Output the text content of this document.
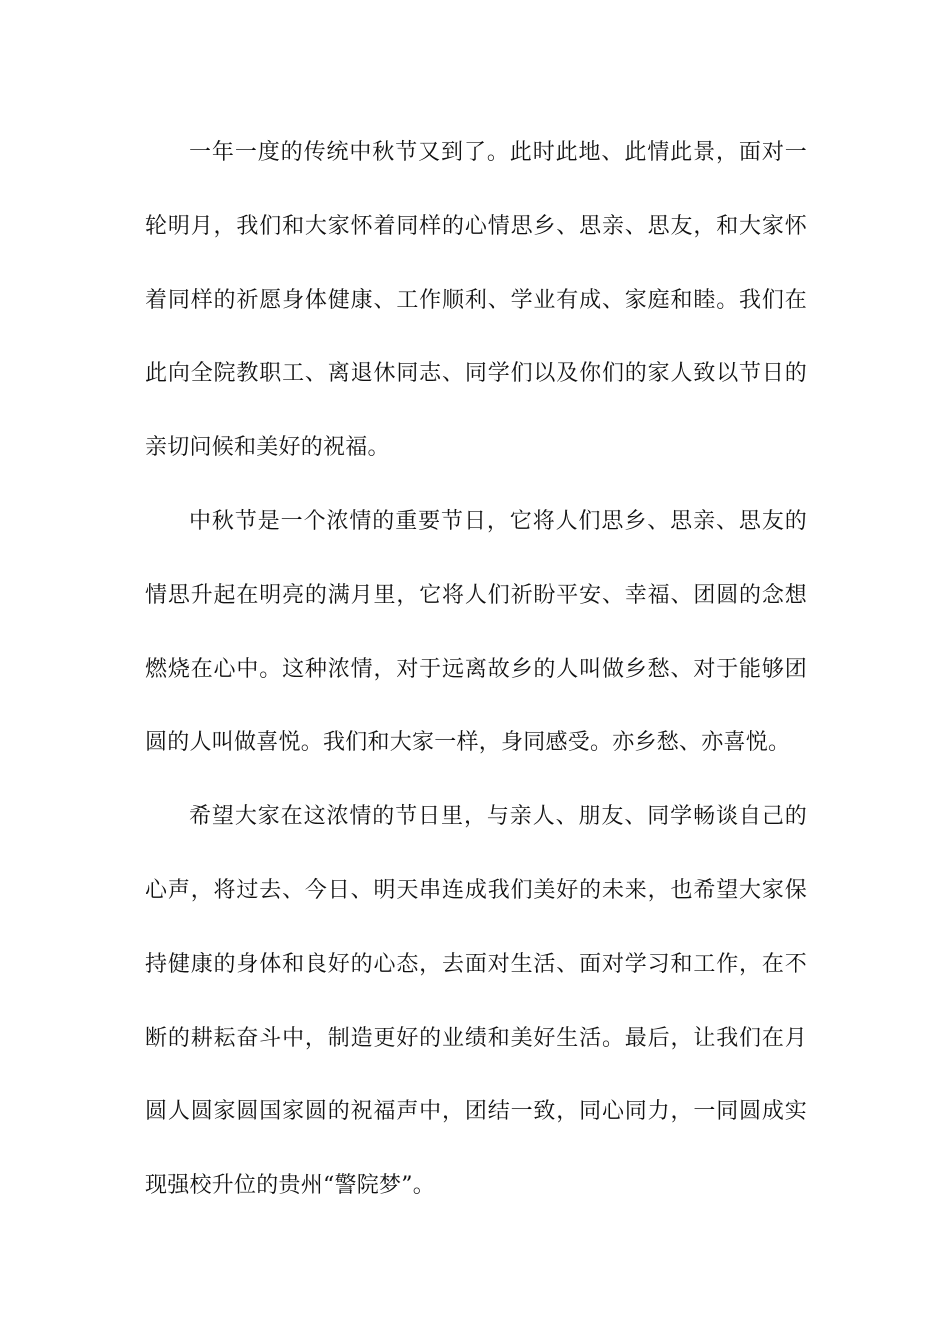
一年一度的传统中秋节又到了。此时此地、此情此景，面对一轮明月，我们和大家怀着同样的心情思乡、思亲、思友，和大家怀着同样的祈愿身体健康、工作顺利、学业有成、家庭和睦。我们在此向全院教职工、离退休同志、同学们以及你们的家人致以节日的亲切问候和美好的祝福。

中秋节是一个浓情的重要节日，它将人们思乡、思亲、思友的情思升起在明亮的满月里，它将人们祈盼平安、幸福、团圆的念想燃烧在心中。这种浓情，对于远离故乡的人叫做乡愁、对于能够团圆的人叫做喜悦。我们和大家一样，身同感受。亦乡愁、亦喜悦。

希望大家在这浓情的节日里，与亲人、朋友、同学畅谈自己的心声，将过去、今日、明天串连成我们美好的未来，也希望大家保持健康的身体和良好的心态，去面对生活、面对学习和工作，在不断的耕耘奋斗中，制造更好的业绩和美好生活。最后，让我们在月圆人圆家圆国家圆的祝福声中，团结一致，同心同力，一同圆成实现强校升位的贵州“警院梦”。
